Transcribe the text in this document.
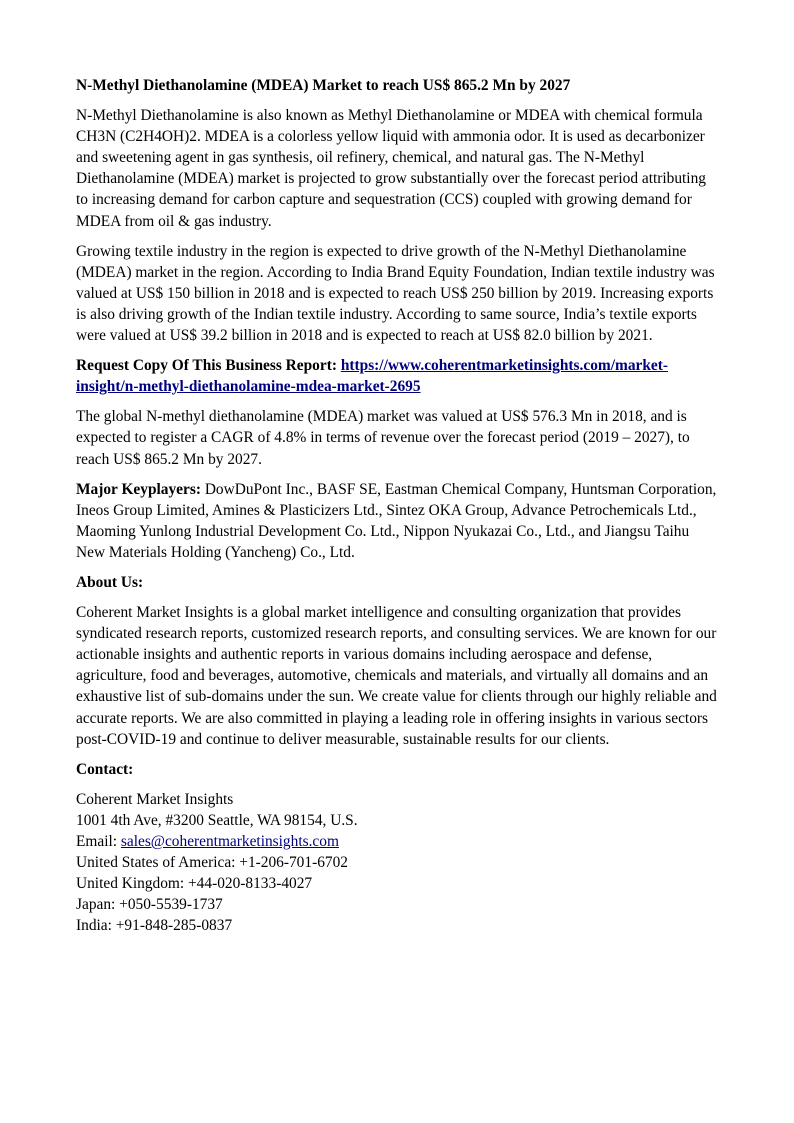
N-Methyl Diethanolamine (MDEA) Market to reach US$ 865.2 Mn by 2027

N-Methyl Diethanolamine is also known as Methyl Diethanolamine or MDEA with chemical formula CH3N (C2H4OH)2. MDEA is a colorless yellow liquid with ammonia odor. It is used as decarbonizer and sweetening agent in gas synthesis, oil refinery, chemical, and natural gas. The N-Methyl Diethanolamine (MDEA) market is projected to grow substantially over the forecast period attributing to increasing demand for carbon capture and sequestration (CCS) coupled with growing demand for MDEA from oil & gas industry.

Growing textile industry in the region is expected to drive growth of the N-Methyl Diethanolamine (MDEA) market in the region. According to India Brand Equity Foundation, Indian textile industry was valued at US$ 150 billion in 2018 and is expected to reach US$ 250 billion by 2019. Increasing exports is also driving growth of the Indian textile industry. According to same source, India’s textile exports were valued at US$ 39.2 billion in 2018 and is expected to reach at US$ 82.0 billion by 2021.

Request Copy Of This Business Report: https://www.coherentmarketinsights.com/market-insight/n-methyl-diethanolamine-mdea-market-2695

The global N-methyl diethanolamine (MDEA) market was valued at US$ 576.3 Mn in 2018, and is expected to register a CAGR of 4.8% in terms of revenue over the forecast period (2019 – 2027), to reach US$ 865.2 Mn by 2027.

Major Keyplayers: DowDuPont Inc., BASF SE, Eastman Chemical Company, Huntsman Corporation, Ineos Group Limited, Amines & Plasticizers Ltd., Sintez OKA Group, Advance Petrochemicals Ltd., Maoming Yunlong Industrial Development Co. Ltd., Nippon Nyukazai Co., Ltd., and Jiangsu Taihu New Materials Holding (Yancheng) Co., Ltd.

About Us:

Coherent Market Insights is a global market intelligence and consulting organization that provides syndicated research reports, customized research reports, and consulting services. We are known for our actionable insights and authentic reports in various domains including aerospace and defense, agriculture, food and beverages, automotive, chemicals and materials, and virtually all domains and an exhaustive list of sub-domains under the sun. We create value for clients through our highly reliable and accurate reports. We are also committed in playing a leading role in offering insights in various sectors post-COVID-19 and continue to deliver measurable, sustainable results for our clients.

Contact:

Coherent Market Insights

1001 4th Ave, #3200 Seattle, WA 98154, U.S.

Email: sales@coherentmarketinsights.com

United States of America: +1-206-701-6702

United Kingdom: +44-020-8133-4027

Japan: +050-5539-1737

India: +91-848-285-0837
